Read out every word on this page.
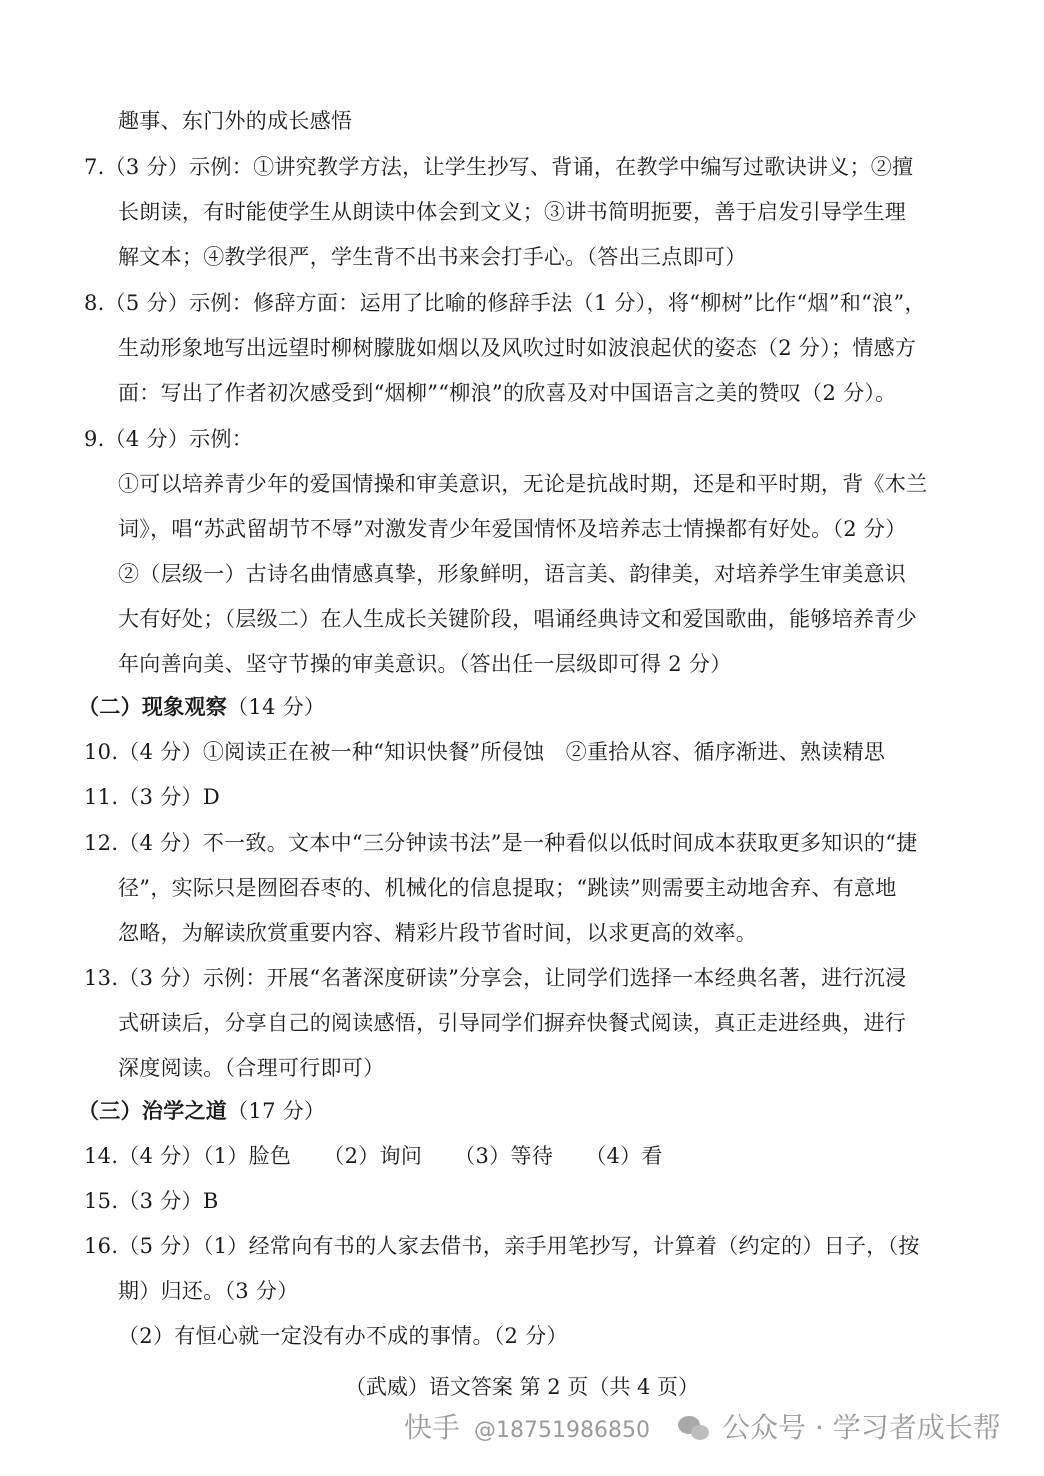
趣事、东门外的成长感悟
7.（3 分）示例：①讲究教学方法，让学生抄写、背诵，在教学中编写过歌诀讲义；②擅
长朗读，有时能使学生从朗读中体会到文义；③讲书简明扼要，善于启发引导学生理
解文本；④教学很严，学生背不出书来会打手心。（答出三点即可）
8.（5 分）示例：修辞方面：运用了比喻的修辞手法（1 分），将“柳树”比作“烟”和“浪”，
生动形象地写出远望时柳树朦胧如烟以及风吹过时如波浪起伏的姿态（2 分）；情感方
面：写出了作者初次感受到“烟柳”“柳浪”的欣喜及对中国语言之美的赞叹（2 分）。
9.（4 分）示例：
①可以培养青少年的爱国情操和审美意识，无论是抗战时期，还是和平时期，背《木兰
词》，唱“苏武留胡节不辱”对激发青少年爱国情怀及培养志士情操都有好处。（2 分）
②（层级一）古诗名曲情感真挚，形象鲜明，语言美、韵律美，对培养学生审美意识
大有好处；（层级二）在人生成长关键阶段，唱诵经典诗文和爱国歌曲，能够培养青少
年向善向美、坚守节操的审美意识。（答出任一层级即可得 2 分）
（二）现象观察（14 分）
10.（4 分）①阅读正在被一种“知识快餐”所侵蚀　②重拾从容、循序渐进、熟读精思
11.（3 分）D
12.（4 分）不一致。文本中“三分钟读书法”是一种看似以低时间成本获取更多知识的“捷
径”，实际只是囫囵吞枣的、机械化的信息提取；“跳读”则需要主动地舍弃、有意地
忽略，为解读欣赏重要内容、精彩片段节省时间，以求更高的效率。
13.（3 分）示例：开展“名著深度研读”分享会，让同学们选择一本经典名著，进行沉浸
式研读后，分享自己的阅读感悟，引导同学们摒弃快餐式阅读，真正走进经典，进行
深度阅读。（合理可行即可）
（三）治学之道（17 分）
14.（4 分）（1）脸色　　（2）询问　　（3）等待　　（4）看
15.（3 分）B
16.（5 分）（1）经常向有书的人家去借书，亲手用笔抄写，计算着（约定的）日子，（按
期）归还。（3 分）
（2）有恒心就一定没有办不成的事情。（2 分）
（武威）语文答案 第 2 页（共 4 页）
快手 @18751986850	公众号 · 学习者成长帮
